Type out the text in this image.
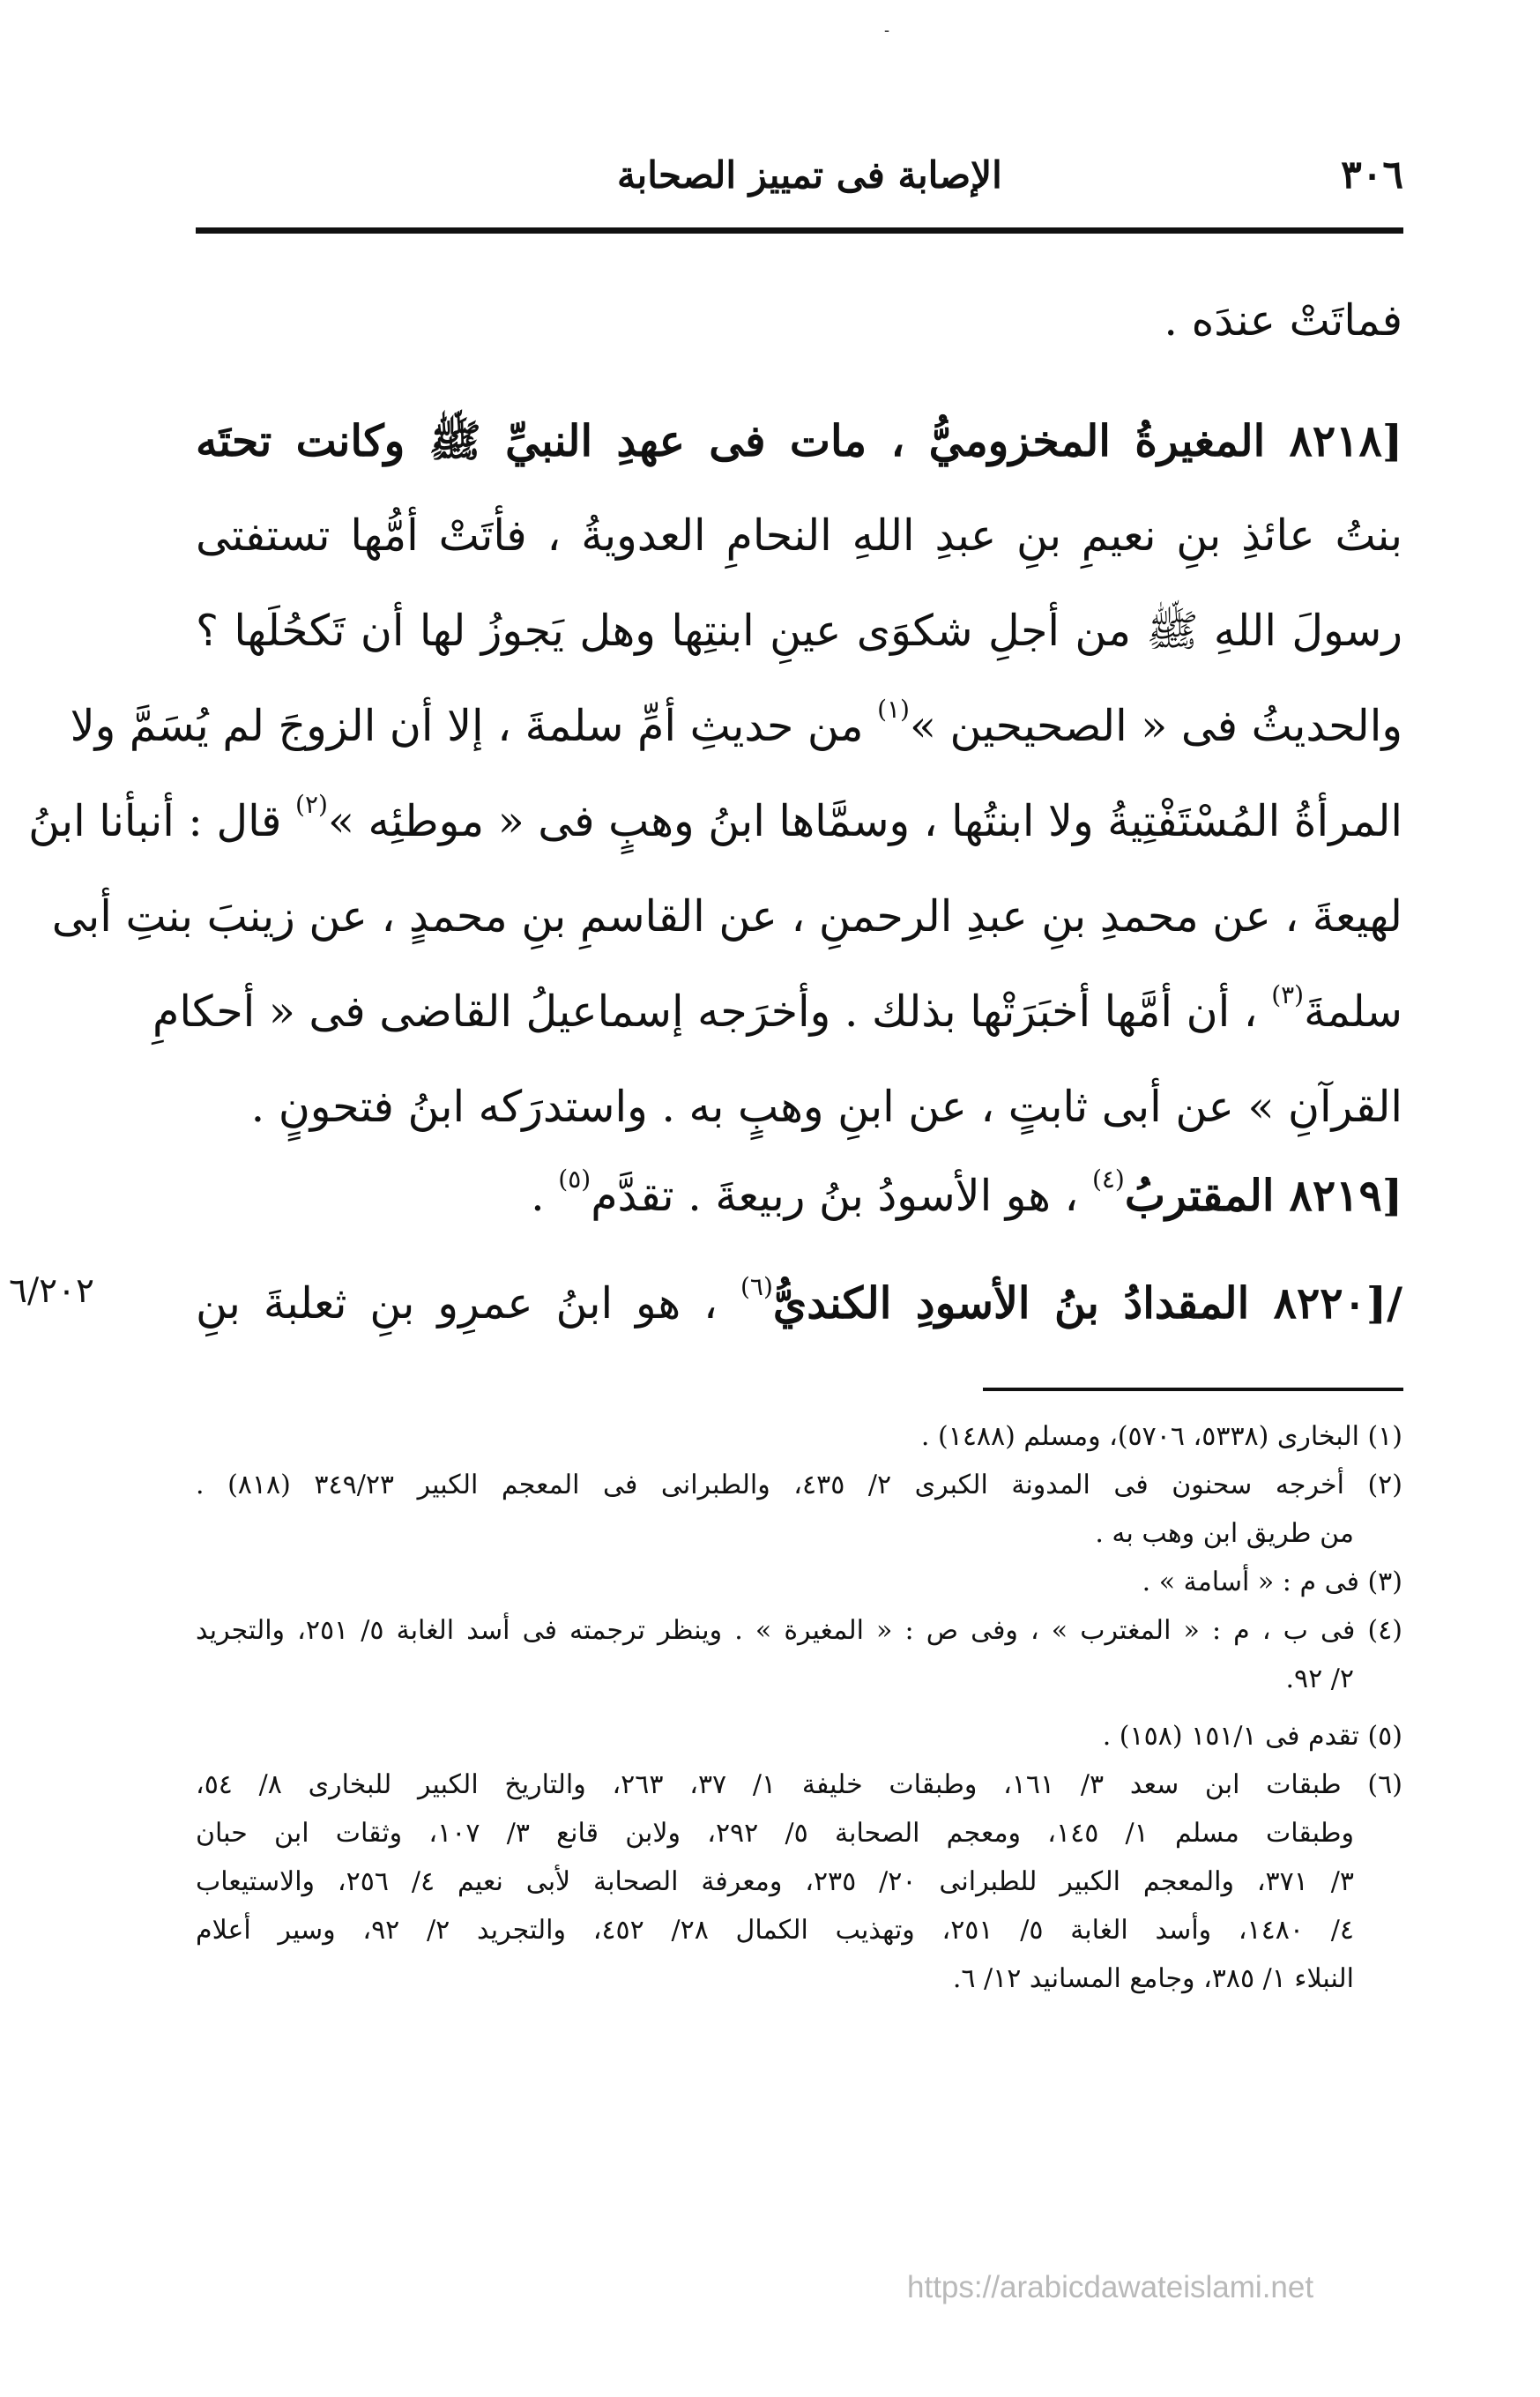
-
٣٠٦
الإصابة فى تمييز الصحابة
فماتَتْ عندَه .
[٨٢١٨ المغيرةُ المخزوميُّ ، مات فى عهدِ النبيِّ ﷺ وكانت تحتَه
بنتُ عائذِ بنِ نعيمِ بنِ عبدِ اللهِ النحامِ العدويةُ ، فأتَتْ أمُّها تستفتى
رسولَ اللهِ ﷺ من أجلِ شكوَى عينِ ابنتِها وهل يَجوزُ لها أن تَكحُلَها ؟
والحديثُ فى « الصحيحين »$^{(١)}$ من حديثِ أمِّ سلمةَ ، إلا أن الزوجَ لم يُسَمَّ ولا
المرأةُ المُسْتَفْتِيةُ ولا ابنتُها ، وسمَّاها ابنُ وهبٍ فى « موطئِه »$^{(٢)}$ قال : أنبأنا ابنُ
لهيعةَ ، عن محمدِ بنِ عبدِ الرحمنِ ، عن القاسمِ بنِ محمدٍ ، عن زينبَ بنتِ أبى
سلمةَ$^{(٣)}$ ، أن أمَّها أخبَرَتْها بذلك . وأخرَجه إسماعيلُ القاضى فى « أحكامِ
القرآنِ » عن أبى ثابتٍ ، عن ابنِ وهبٍ به . واستدرَكه ابنُ فتحونٍ .
[٨٢١٩ المقتربُ$^{(٤)}$ ، هو الأسودُ بنُ ربيعةَ . تقدَّم$^{(٥)}$ .
/[٨٢٢٠ المقدادُ بنُ الأسودِ الكنديُّ$^{(٦)}$ ، هو ابنُ عمرِو بنِ ثعلبةَ بنِ
٦/٢٠٢
(١) البخارى (٥٣٣٨، ٥٧٠٦)، ومسلم (١٤٨٨) .
(٢) أخرجه سحنون فى المدونة الكبرى ٢/ ٤٣٥، والطبرانى فى المعجم الكبير ٣٤٩/٢٣ (٨١٨) .
من طريق ابن وهب به .
(٣) فى م : « أسامة » .
(٤) فى ب ، م : « المغترب » ، وفى ص : « المغيرة » . وينظر ترجمته فى أسد الغابة ٥/ ٢٥١، والتجريد
٢/ ٩٢.
(٥) تقدم فى ١٥١/١ (١٥٨) .
(٦) طبقات ابن سعد ٣/ ١٦١، وطبقات خليفة ١/ ٣٧، ٢٦٣، والتاريخ الكبير للبخارى ٨/ ٥٤،
وطبقات مسلم ١/ ١٤٥، ومعجم الصحابة ٥/ ٢٩٢، ولابن قانع ٣/ ١٠٧، وثقات ابن حبان
٣/ ٣٧١، والمعجم الكبير للطبرانى ٢٠/ ٢٣٥، ومعرفة الصحابة لأبى نعيم ٤/ ٢٥٦، والاستيعاب
٤/ ١٤٨٠، وأسد الغابة ٥/ ٢٥١، وتهذيب الكمال ٢٨/ ٤٥٢، والتجريد ٢/ ٩٢، وسير أعلام
النبلاء ١/ ٣٨٥، وجامع المسانيد ١٢/ ٦.
https://arabicdawateislami.net
